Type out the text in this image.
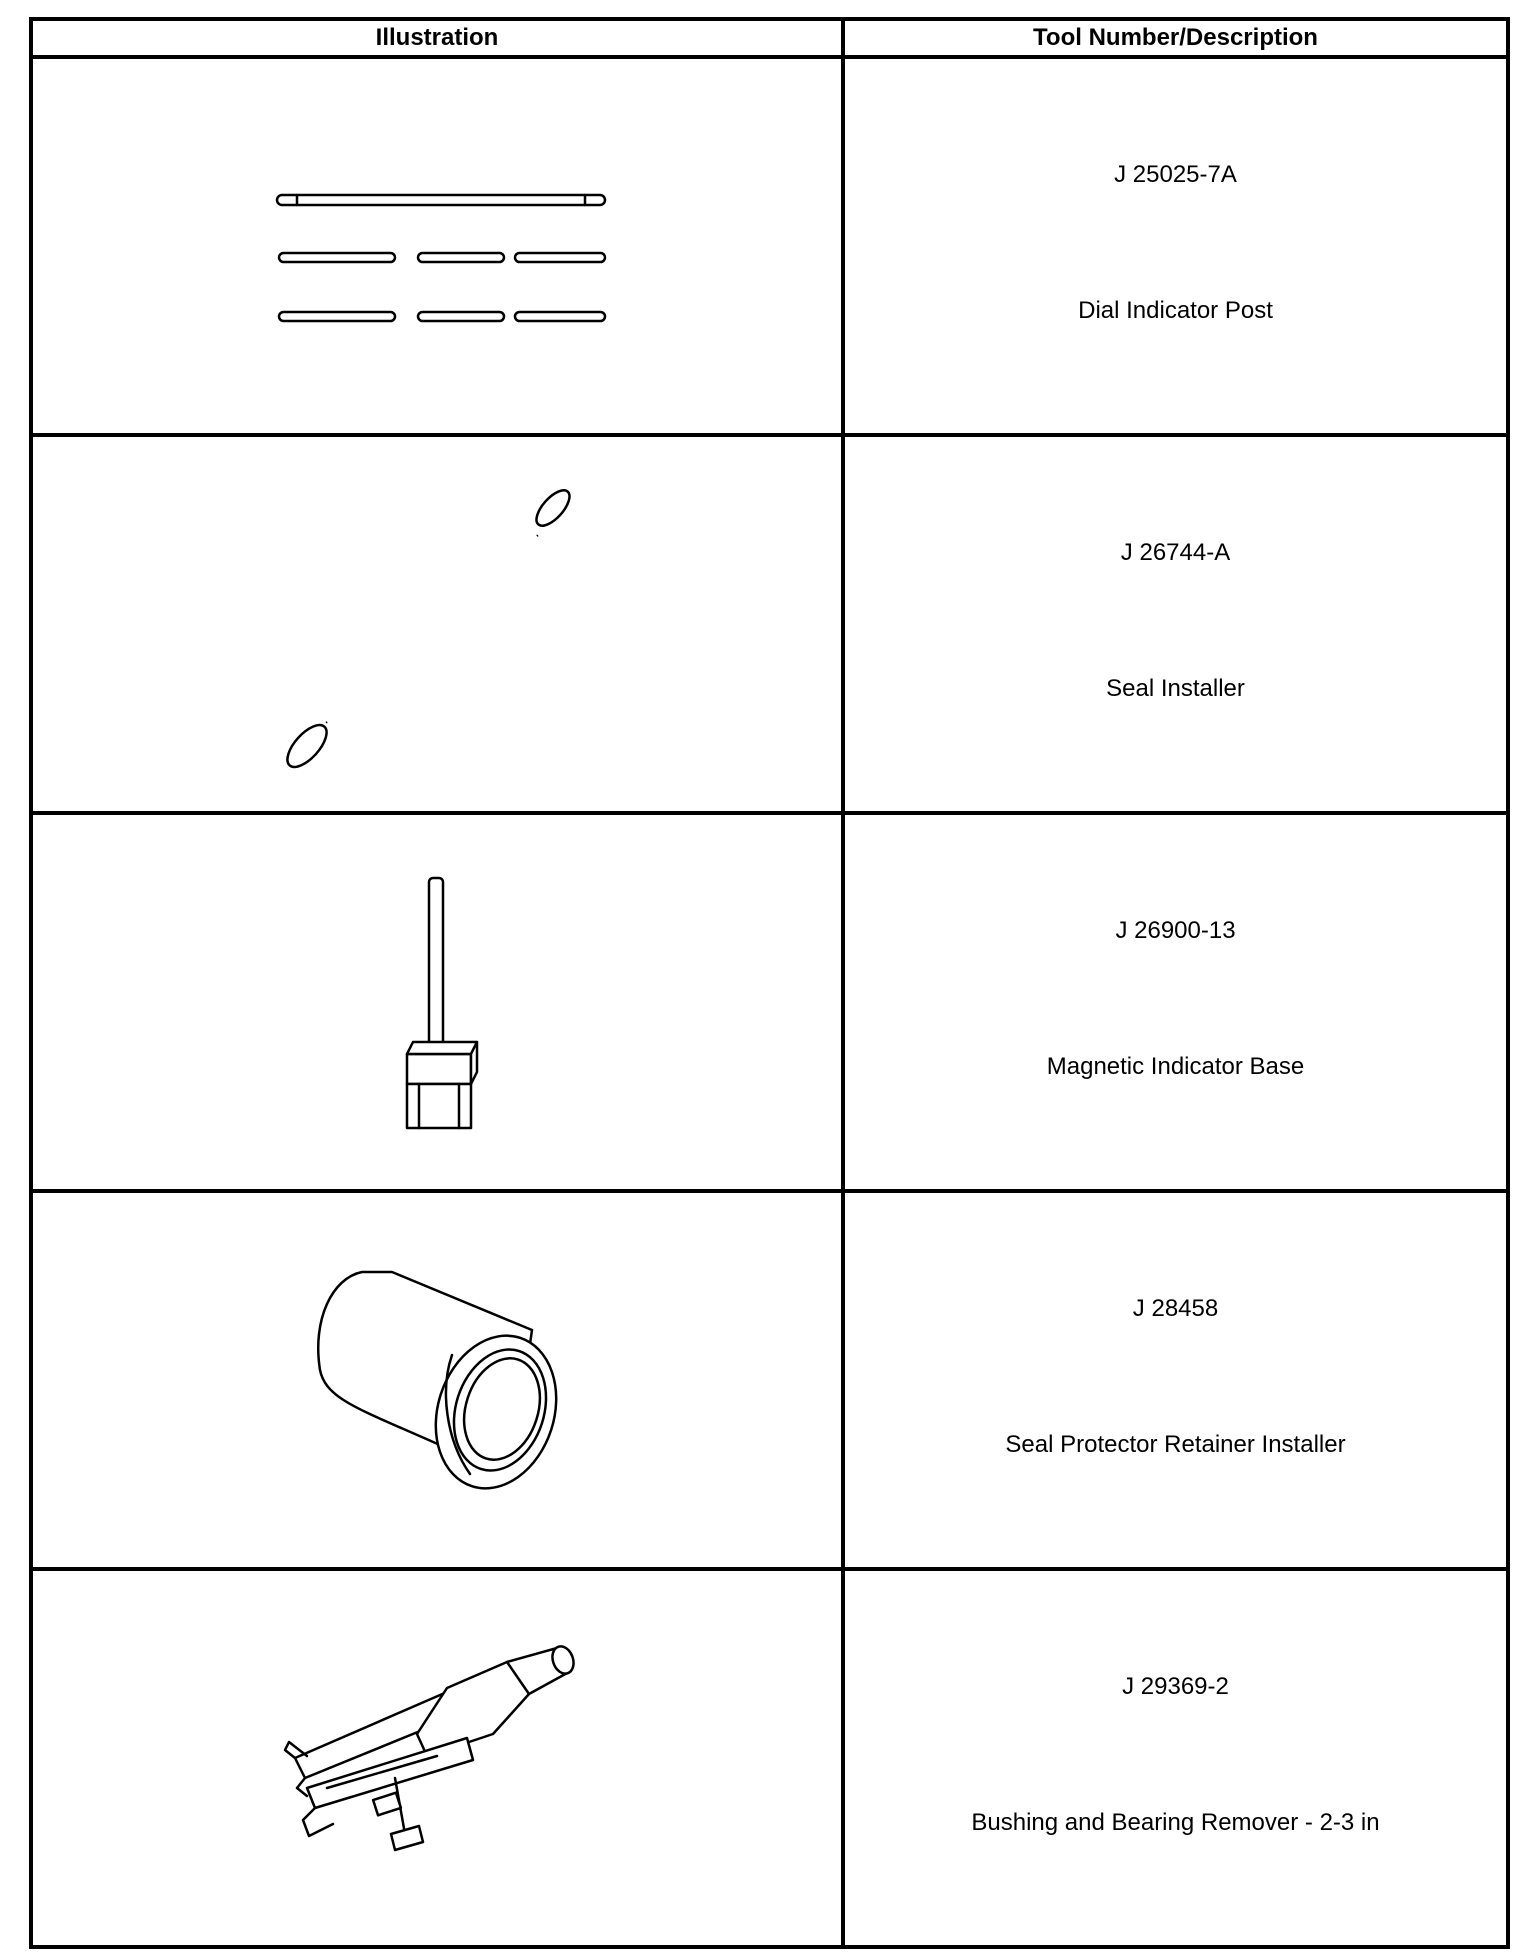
Illustration	Tool Number/Description

J 25025-7A
Dial Indicator Post

J 26744-A
Seal Installer

J 26900-13
Magnetic Indicator Base

J 28458
Seal Protector Retainer Installer

J 29369-2
Bushing and Bearing Remover - 2-3 in
